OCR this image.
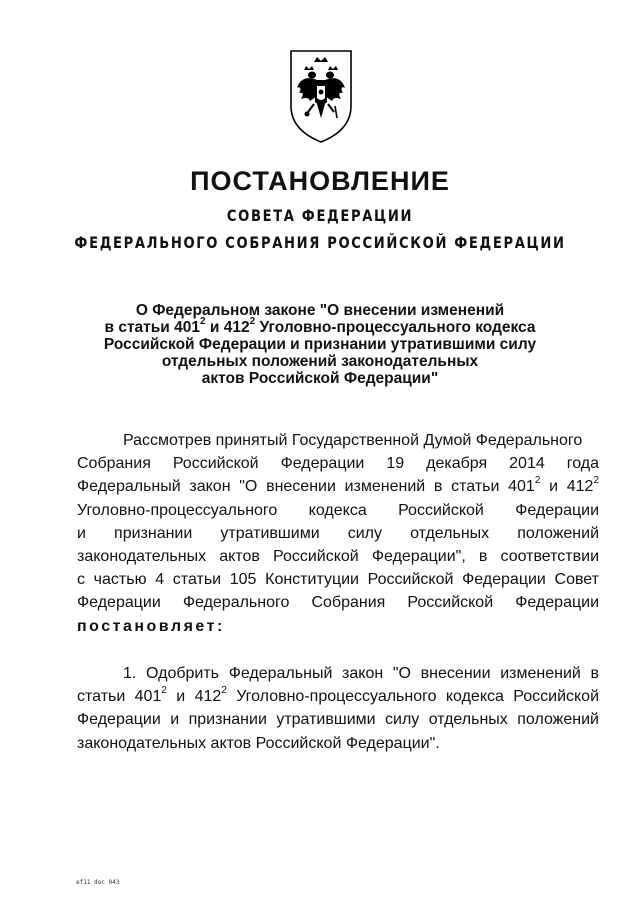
ПОСТАНОВЛЕНИЕ
СОВЕТА ФЕДЕРАЦИИ
ФЕДЕРАЛЬНОГО СОБРАНИЯ РОССИЙСКОЙ ФЕДЕРАЦИИ
О Федеральном законе "О внесении изменений
в статьи $401^2$ и $412^2$ Уголовно-процессуального кодекса
Российской Федерации и признании утратившими силу
отдельных положений законодательных
актов Российской Федерации"
Рассмотрев принятый Государственной Думой Федерального
Собрания Российской Федерации 19 декабря 2014 года
Федеральный закон "О внесении изменений в статьи $401^2$ и $412^2$
Уголовно-процессуального кодекса Российской Федерации
и признании утратившими силу отдельных положений
законодательных актов Российской Федерации", в соответствии
с частью 4 статьи 105 Конституции Российской Федерации Совет
Федерации Федерального Собрания Российской Федерации
постановляет:
1. Одобрить Федеральный закон "О внесении изменений в
статьи $401^2$ и $412^2$ Уголовно-процессуального кодекса Российской
Федерации и признании утратившими силу отдельных положений
законодательных актов Российской Федерации".
ef11 doc 043
